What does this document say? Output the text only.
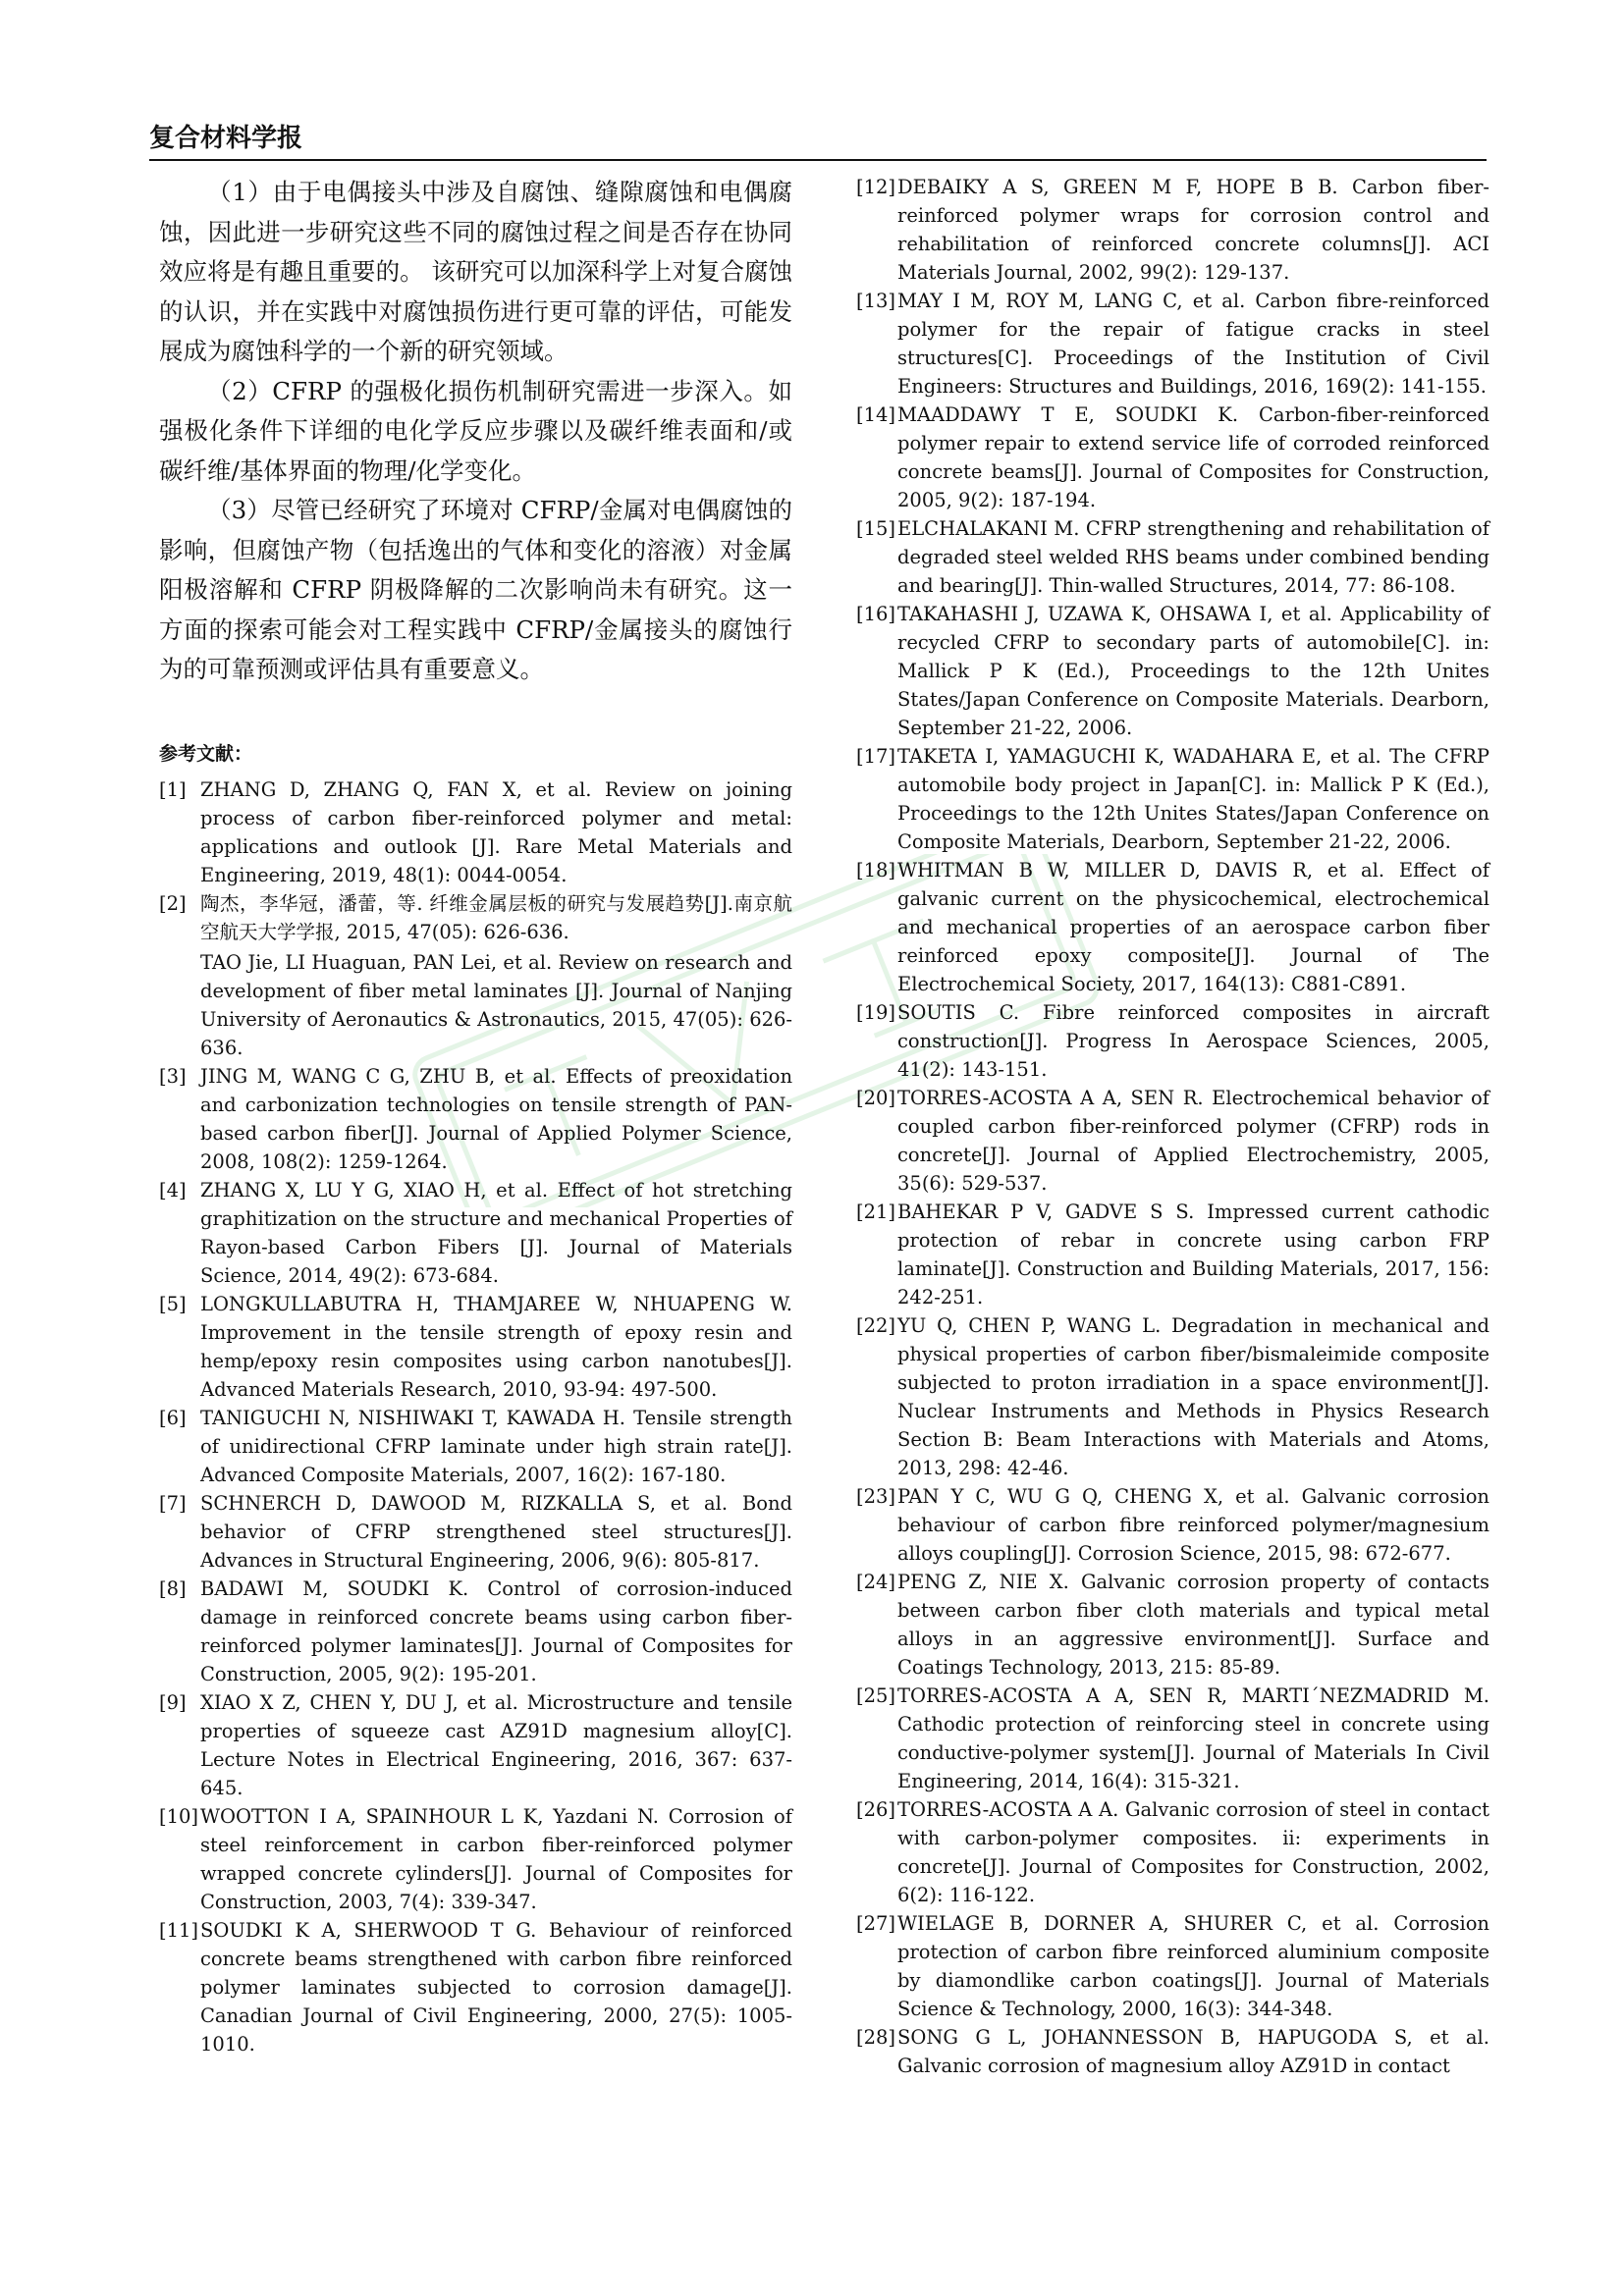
复合材料学报

（1）由于电偶接头中涉及自腐蚀、缝隙腐蚀和电偶腐蚀，因此进一步研究这些不同的腐蚀过程之间是否存在协同效应将是有趣且重要的。 该研究可以加深科学上对复合腐蚀的认识，并在实践中对腐蚀损伤进行更可靠的评估，可能发展成为腐蚀科学的一个新的研究领域。

（2）CFRP 的强极化损伤机制研究需进一步深入。如强极化条件下详细的电化学反应步骤以及碳纤维表面和/或碳纤维/基体界面的物理/化学变化。

（3）尽管已经研究了环境对 CFRP/金属对电偶腐蚀的影响，但腐蚀产物（包括逸出的气体和变化的溶液）对金属阳极溶解和 CFRP 阴极降解的二次影响尚未有研究。这一方面的探索可能会对工程实践中 CFRP/金属接头的腐蚀行为的可靠预测或评估具有重要意义。

参考文献：
[1] ZHANG D, ZHANG Q, FAN X, et al. Review on joining process of carbon fiber-reinforced polymer and metal: applications and outlook [J]. Rare Metal Materials and Engineering, 2019, 48(1): 0044-0054.
[2] 陶杰，李华冠，潘蕾，等. 纤维金属层板的研究与发展趋势[J].南京航空航天大学学报, 2015, 47(05): 626-636.
TAO Jie, LI Huaguan, PAN Lei, et al. Review on research and development of fiber metal laminates [J]. Journal of Nanjing University of Aeronautics & Astronautics, 2015, 47(05): 626-636.
[3] JING M, WANG C G, ZHU B, et al. Effects of preoxidation and carbonization technologies on tensile strength of PAN-based carbon fiber[J]. Journal of Applied Polymer Science, 2008, 108(2): 1259-1264.
[4] ZHANG X, LU Y G, XIAO H, et al. Effect of hot stretching graphitization on the structure and mechanical Properties of Rayon-based Carbon Fibers [J]. Journal of Materials Science, 2014, 49(2): 673-684.
[5] LONGKULLABUTRA H, THAMJAREE W, NHUAPENG W. Improvement in the tensile strength of epoxy resin and hemp/epoxy resin composites using carbon nanotubes[J]. Advanced Materials Research, 2010, 93-94: 497-500.
[6] TANIGUCHI N, NISHIWAKI T, KAWADA H. Tensile strength of unidirectional CFRP laminate under high strain rate[J]. Advanced Composite Materials, 2007, 16(2): 167-180.
[7] SCHNERCH D, DAWOOD M, RIZKALLA S, et al. Bond behavior of CFRP strengthened steel structures[J]. Advances in Structural Engineering, 2006, 9(6): 805-817.
[8] BADAWI M, SOUDKI K. Control of corrosion-induced damage in reinforced concrete beams using carbon fiber-reinforced polymer laminates[J]. Journal of Composites for Construction, 2005, 9(2): 195-201.
[9] XIAO X Z, CHEN Y, DU J, et al. Microstructure and tensile properties of squeeze cast AZ91D magnesium alloy[C]. Lecture Notes in Electrical Engineering, 2016, 367: 637-645.
[10] WOOTTON I A, SPAINHOUR L K, Yazdani N. Corrosion of steel reinforcement in carbon fiber-reinforced polymer wrapped concrete cylinders[J]. Journal of Composites for Construction, 2003, 7(4): 339-347.
[11] SOUDKI K A, SHERWOOD T G. Behaviour of reinforced concrete beams strengthened with carbon fibre reinforced polymer laminates subjected to corrosion damage[J]. Canadian Journal of Civil Engineering, 2000, 27(5): 1005-1010.
[12] DEBAIKY A S, GREEN M F, HOPE B B. Carbon fiber-reinforced polymer wraps for corrosion control and rehabilitation of reinforced concrete columns[J]. ACI Materials Journal, 2002, 99(2): 129-137.
[13] MAY I M, ROY M, LANG C, et al. Carbon fibre-reinforced polymer for the repair of fatigue cracks in steel structures[C]. Proceedings of the Institution of Civil Engineers: Structures and Buildings, 2016, 169(2): 141-155.
[14] MAADDAWY T E, SOUDKI K. Carbon-fiber-reinforced polymer repair to extend service life of corroded reinforced concrete beams[J]. Journal of Composites for Construction, 2005, 9(2): 187-194.
[15] ELCHALAKANI M. CFRP strengthening and rehabilitation of degraded steel welded RHS beams under combined bending and bearing[J]. Thin-walled Structures, 2014, 77: 86-108.
[16] TAKAHASHI J, UZAWA K, OHSAWA I, et al. Applicability of recycled CFRP to secondary parts of automobile[C]. in: Mallick P K (Ed.), Proceedings to the 12th Unites States/Japan Conference on Composite Materials. Dearborn, September 21-22, 2006.
[17] TAKETA I, YAMAGUCHI K, WADAHARA E, et al. The CFRP automobile body project in Japan[C]. in: Mallick P K (Ed.), Proceedings to the 12th Unites States/Japan Conference on Composite Materials, Dearborn, September 21-22, 2006.
[18] WHITMAN B W, MILLER D, DAVIS R, et al. Effect of galvanic current on the physicochemical, electrochemical and mechanical properties of an aerospace carbon fiber reinforced epoxy composite[J]. Journal of The Electrochemical Society, 2017, 164(13): C881-C891.
[19] SOUTIS C. Fibre reinforced composites in aircraft construction[J]. Progress In Aerospace Sciences, 2005, 41(2): 143-151.
[20] TORRES-ACOSTA A A, SEN R. Electrochemical behavior of coupled carbon fiber-reinforced polymer (CFRP) rods in concrete[J]. Journal of Applied Electrochemistry, 2005, 35(6): 529-537.
[21] BAHEKAR P V, GADVE S S. Impressed current cathodic protection of rebar in concrete using carbon FRP laminate[J]. Construction and Building Materials, 2017, 156: 242-251.
[22] YU Q, CHEN P, WANG L. Degradation in mechanical and physical properties of carbon fiber/bismaleimide composite subjected to proton irradiation in a space environment[J]. Nuclear Instruments and Methods in Physics Research Section B: Beam Interactions with Materials and Atoms, 2013, 298: 42-46.
[23] PAN Y C, WU G Q, CHENG X, et al. Galvanic corrosion behaviour of carbon fibre reinforced polymer/magnesium alloys coupling[J]. Corrosion Science, 2015, 98: 672-677.
[24] PENG Z, NIE X. Galvanic corrosion property of contacts between carbon fiber cloth materials and typical metal alloys in an aggressive environment[J]. Surface and Coatings Technology, 2013, 215: 85-89.
[25] TORRES-ACOSTA A A, SEN R, MARTI´NEZMADRID M. Cathodic protection of reinforcing steel in concrete using conductive-polymer system[J]. Journal of Materials In Civil Engineering, 2014, 16(4): 315-321.
[26] TORRES-ACOSTA A A. Galvanic corrosion of steel in contact with carbon-polymer composites. ii: experiments in concrete[J]. Journal of Composites for Construction, 2002, 6(2): 116-122.
[27] WIELAGE B, DORNER A, SHURER C, et al. Corrosion protection of carbon fibre reinforced aluminium composite by diamondlike carbon coatings[J]. Journal of Materials Science & Technology, 2000, 16(3): 344-348.
[28] SONG G L, JOHANNESSON B, HAPUGODA S, et al. Galvanic corrosion of magnesium alloy AZ91D in contact
